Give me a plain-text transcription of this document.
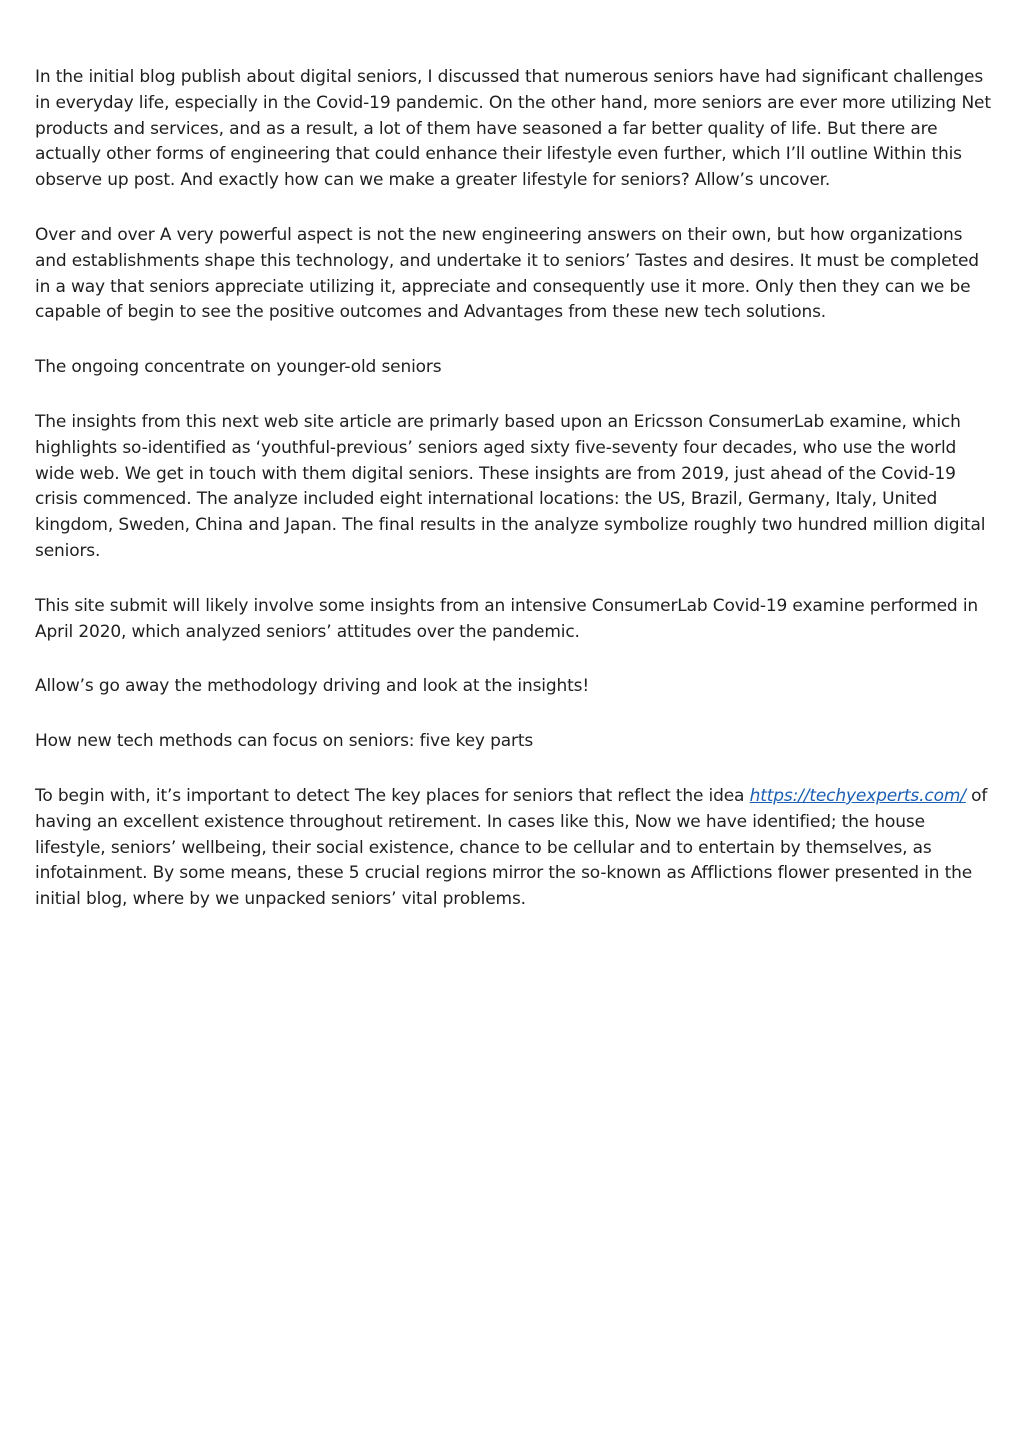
In the initial blog publish about digital seniors, I discussed that numerous seniors have had significant challenges in everyday life, especially in the Covid-19 pandemic. On the other hand, more seniors are ever more utilizing Net products and services, and as a result, a lot of them have seasoned a far better quality of life. But there are actually other forms of engineering that could enhance their lifestyle even further, which I’ll outline Within this observe up post. And exactly how can we make a greater lifestyle for seniors? Allow’s uncover.

Over and over A very powerful aspect is not the new engineering answers on their own, but how organizations and establishments shape this technology, and undertake it to seniors’ Tastes and desires. It must be completed in a way that seniors appreciate utilizing it, appreciate and consequently use it more. Only then they can we be capable of begin to see the positive outcomes and Advantages from these new tech solutions.

The ongoing concentrate on younger-old seniors

The insights from this next web site article are primarly based upon an Ericsson ConsumerLab examine, which highlights so-identified as ‘youthful-previous’ seniors aged sixty five-seventy four decades, who use the world wide web. We get in touch with them digital seniors. These insights are from 2019, just ahead of the Covid-19 crisis commenced. The analyze included eight international locations: the US, Brazil, Germany, Italy, United kingdom, Sweden, China and Japan. The final results in the analyze symbolize roughly two hundred million digital seniors.

This site submit will likely involve some insights from an intensive ConsumerLab Covid-19 examine performed in April 2020, which analyzed seniors’ attitudes over the pandemic.

Allow’s go away the methodology driving and look at the insights!

How new tech methods can focus on seniors: five key parts

To begin with, it’s important to detect The key places for seniors that reflect the idea https://techyexperts.com/ of having an excellent existence throughout retirement. In cases like this, Now we have identified; the house lifestyle, seniors’ wellbeing, their social existence, chance to be cellular and to entertain by themselves, as infotainment. By some means, these 5 crucial regions mirror the so-known as Afflictions flower presented in the initial blog, where by we unpacked seniors’ vital problems.
